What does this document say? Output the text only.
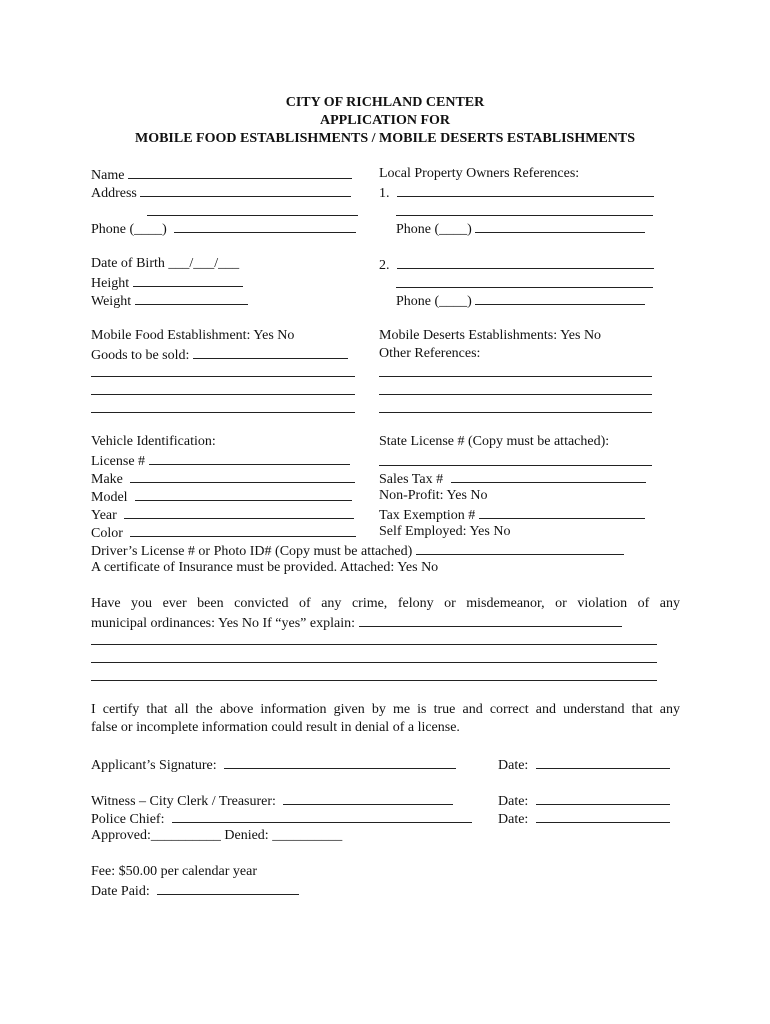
CITY OF RICHLAND CENTER
APPLICATION FOR
MOBILE FOOD ESTABLISHMENTS / MOBILE DESERTS ESTABLISHMENTS
Name
Address
Phone (____)
Date of Birth ___/___/___
Height
Weight
Local Property Owners References:
1.
Phone (____)
2.
Phone (____)
Mobile Food Establishment: Yes No
Goods to be sold:
Mobile Deserts Establishments: Yes No
Other References:
Vehicle Identification:
License #
Make
Model
Year
Color
State License # (Copy must be attached):
Sales Tax #
Non-Profit: Yes No
Tax Exemption #
Self Employed: Yes No
Driver’s License # or Photo ID# (Copy must be attached)
A certificate of Insurance must be provided. Attached: Yes No
Have you ever been convicted of any crime, felony or misdemeanor, or violation of any
municipal ordinances: Yes No If “yes” explain:
I certify that all the above information given by me is true and correct and understand that any
false or incomplete information could result in denial of a license.
Applicant’s Signature:	Date:
Witness – City Clerk / Treasurer:	Date:
Police Chief:	Date:
Approved:__________ Denied: __________
Fee: $50.00 per calendar year
Date Paid:
